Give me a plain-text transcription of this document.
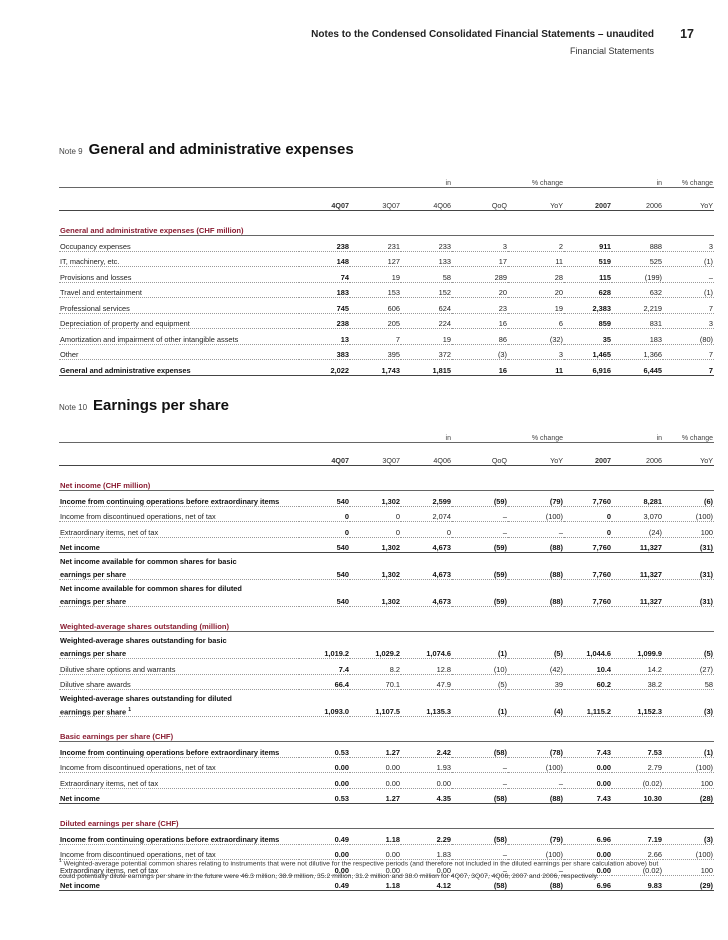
Notes to the Condensed Consolidated Financial Statements – unaudited	17
Financial Statements
Note 9 General and administrative expenses
	in			% change		in		% change
	4Q07	3Q07	4Q06	QoQ	YoY	2007	2006	YoY

General and administrative expenses (CHF million)								
Occupancy expenses	238	231	233	3	2	911	888	3
IT, machinery, etc.	148	127	133	17	11	519	525	(1)
Provisions and losses	74	19	58	289	28	115	(199)	–
Travel and entertainment	183	153	152	20	20	628	632	(1)
Professional services	745	606	624	23	19	2,383	2,219	7
Depreciation of property and equipment	238	205	224	16	6	859	831	3
Amortization and impairment of other intangible assets	13	7	19	86	(32)	35	183	(80)
Other	383	395	372	(3)	3	1,465	1,366	7
General and administrative expenses	2,022	1,743	1,815	16	11	6,916	6,445	7
Note 10 Earnings per share
	in			% change		in		% change
	4Q07	3Q07	4Q06	QoQ	YoY	2007	2006	YoY

Net income (CHF million)								
Income from continuing operations before extraordinary items	540	1,302	2,599	(59)	(79)	7,760	8,281	(6)
Income from discontinued operations, net of tax	0	0	2,074	–	(100)	0	3,070	(100)
Extraordinary items, net of tax	0	0	0	–	–	0	(24)	100
Net income	540	1,302	4,673	(59)	(88)	7,760	11,327	(31)
Net income available for common shares for basic								
earnings per share	540	1,302	4,673	(59)	(88)	7,760	11,327	(31)
Net income available for common shares for diluted								
earnings per share	540	1,302	4,673	(59)	(88)	7,760	11,327	(31)

Weighted-average shares outstanding (million)								
Weighted-average shares outstanding for basic								
earnings per share	1,019.2	1,029.2	1,074.6	(1)	(5)	1,044.6	1,099.9	(5)
Dilutive share options and warrants	7.4	8.2	12.8	(10)	(42)	10.4	14.2	(27)
Dilutive share awards	66.4	70.1	47.9	(5)	39	60.2	38.2	58
Weighted-average shares outstanding for diluted								
earnings per share $^1$	1,093.0	1,107.5	1,135.3	(1)	(4)	1,115.2	1,152.3	(3)

Basic earnings per share (CHF)								
Income from continuing operations before extraordinary items	0.53	1.27	2.42	(58)	(78)	7.43	7.53	(1)
Income from discontinued operations, net of tax	0.00	0.00	1.93	–	(100)	0.00	2.79	(100)
Extraordinary items, net of tax	0.00	0.00	0.00	–	–	0.00	(0.02)	100
Net income	0.53	1.27	4.35	(58)	(88)	7.43	10.30	(28)

Diluted earnings per share (CHF)								
Income from continuing operations before extraordinary items	0.49	1.18	2.29	(58)	(79)	6.96	7.19	(3)
Income from discontinued operations, net of tax	0.00	0.00	1.83	–	(100)	0.00	2.66	(100)
Extraordinary items, net of tax	0.00	0.00	0.00	–	–	0.00	(0.02)	100
Net income	0.49	1.18	4.12	(58)	(88)	6.96	9.83	(29)
$^1$ Weighted-average potential common shares relating to instruments that were not dilutive for the respective periods (and therefore not included in the diluted earnings per share calculation above) but could potentially dilute earnings per share in the future were 46.3 million, 38.9 million, 35.2 million, 31.2 million and 38.0 million for 4Q07, 3Q07, 4Q06, 2007 and 2006, respectively.
